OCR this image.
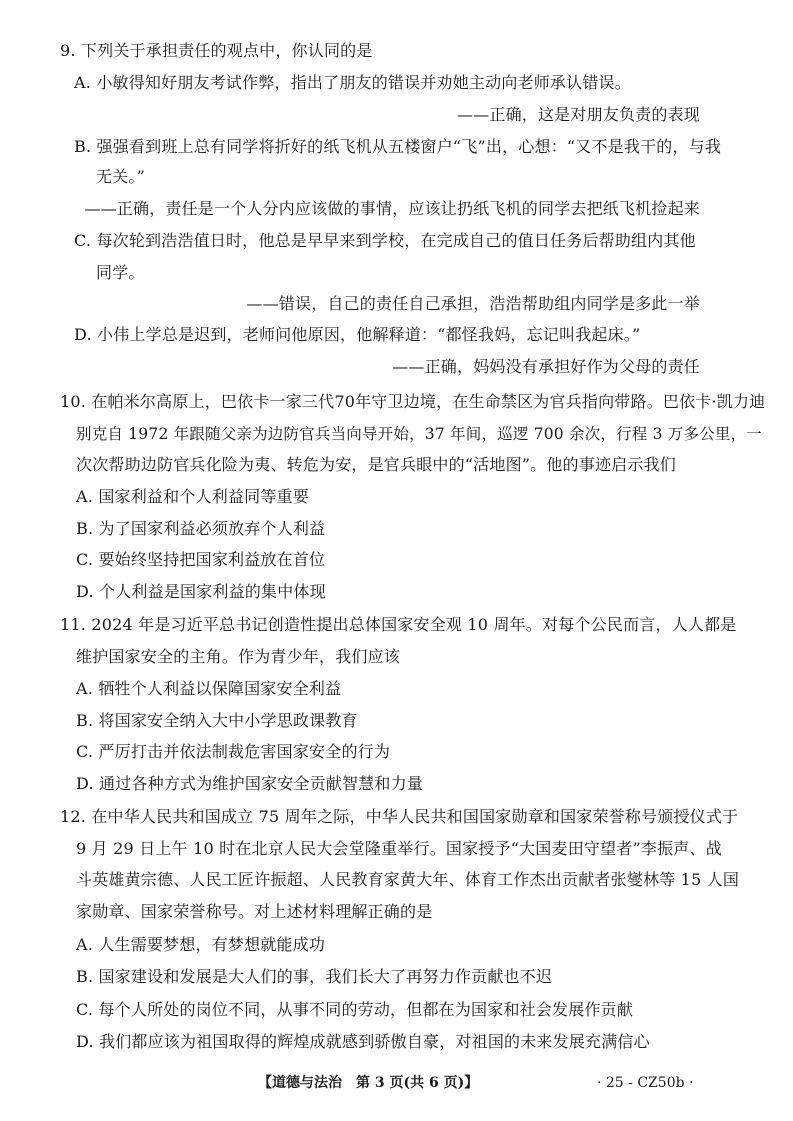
9. 下列关于承担责任的观点中，你认同的是
A. 小敏得知好朋友考试作弊，指出了朋友的错误并劝她主动向老师承认错误。
——正确，这是对朋友负责的表现
B. 强强看到班上总有同学将折好的纸飞机从五楼窗户“飞”出，心想：“又不是我干的，与我
无关。”
——正确，责任是一个人分内应该做的事情，应该让扔纸飞机的同学去把纸飞机捡起来
C. 每次轮到浩浩值日时，他总是早早来到学校，在完成自己的值日任务后帮助组内其他
同学。
——错误，自己的责任自己承担，浩浩帮助组内同学是多此一举
D. 小伟上学总是迟到，老师问他原因，他解释道：“都怪我妈，忘记叫我起床。”
——正确，妈妈没有承担好作为父母的责任
10. 在帕米尔高原上，巴依卡一家三代70年守卫边境，在生命禁区为官兵指向带路。巴依卡·凯力迪
别克自 1972 年跟随父亲为边防官兵当向导开始，37 年间，巡逻 700 余次，行程 3 万多公里，一
次次帮助边防官兵化险为夷、转危为安，是官兵眼中的“活地图”。他的事迹启示我们
A. 国家利益和个人利益同等重要
B. 为了国家利益必须放弃个人利益
C. 要始终坚持把国家利益放在首位
D. 个人利益是国家利益的集中体现
11. 2024 年是习近平总书记创造性提出总体国家安全观 10 周年。对每个公民而言，人人都是
维护国家安全的主角。作为青少年，我们应该
A. 牺牲个人利益以保障国家安全利益
B. 将国家安全纳入大中小学思政课教育
C. 严厉打击并依法制裁危害国家安全的行为
D. 通过各种方式为维护国家安全贡献智慧和力量
12. 在中华人民共和国成立 75 周年之际，中华人民共和国国家勋章和国家荣誉称号颁授仪式于
9 月 29 日上午 10 时在北京人民大会堂隆重举行。国家授予“大国麦田守望者”李振声、战
斗英雄黄宗德、人民工匠许振超、人民教育家黄大年、体育工作杰出贡献者张燮林等 15 人国
家勋章、国家荣誉称号。对上述材料理解正确的是
A. 人生需要梦想，有梦想就能成功
B. 国家建设和发展是大人们的事，我们长大了再努力作贡献也不迟
C. 每个人所处的岗位不同，从事不同的劳动，但都在为国家和社会发展作贡献
D. 我们都应该为祖国取得的辉煌成就感到骄傲自豪，对祖国的未来发展充满信心
【道德与法治　第 3 页(共 6 页)】	· 25 - CZ50b ·
